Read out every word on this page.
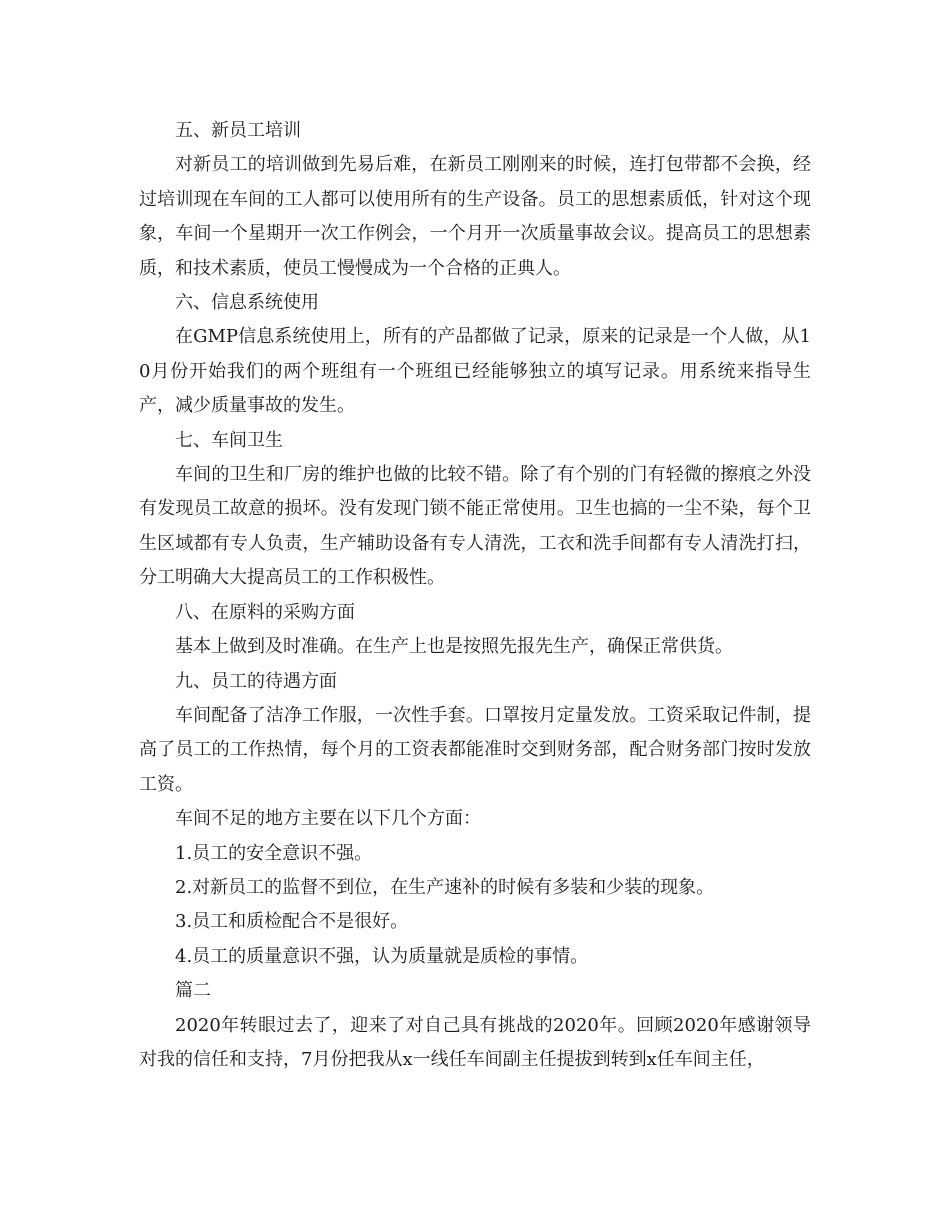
五、新员工培训

对新员工的培训做到先易后难，在新员工刚刚来的时候，连打包带都不会换，经过培训现在车间的工人都可以使用所有的生产设备。员工的思想素质低，针对这个现象，车间一个星期开一次工作例会，一个月开一次质量事故会议。提高员工的思想素质，和技术素质，使员工慢慢成为一个合格的正典人。

六、信息系统使用

在GMP信息系统使用上，所有的产品都做了记录，原来的记录是一个人做，从10月份开始我们的两个班组有一个班组已经能够独立的填写记录。用系统来指导生产，减少质量事故的发生。

七、车间卫生

车间的卫生和厂房的维护也做的比较不错。除了有个别的门有轻微的擦痕之外没有发现员工故意的损坏。没有发现门锁不能正常使用。卫生也搞的一尘不染，每个卫生区域都有专人负责，生产辅助设备有专人清洗，工衣和洗手间都有专人清洗打扫，分工明确大大提高员工的工作积极性。

八、在原料的采购方面

基本上做到及时准确。在生产上也是按照先报先生产，确保正常供货。

九、员工的待遇方面

车间配备了洁净工作服，一次性手套。口罩按月定量发放。工资采取记件制，提高了员工的工作热情，每个月的工资表都能准时交到财务部，配合财务部门按时发放工资。

车间不足的地方主要在以下几个方面：

1.员工的安全意识不强。

2.对新员工的监督不到位，在生产速补的时候有多装和少装的现象。

3.员工和质检配合不是很好。

4.员工的质量意识不强，认为质量就是质检的事情。

篇二

2020年转眼过去了，迎来了对自己具有挑战的2020年。回顾2020年感谢领导对我的信任和支持，7月份把我从x一线任车间副主任提拔到转到x任车间主任，
